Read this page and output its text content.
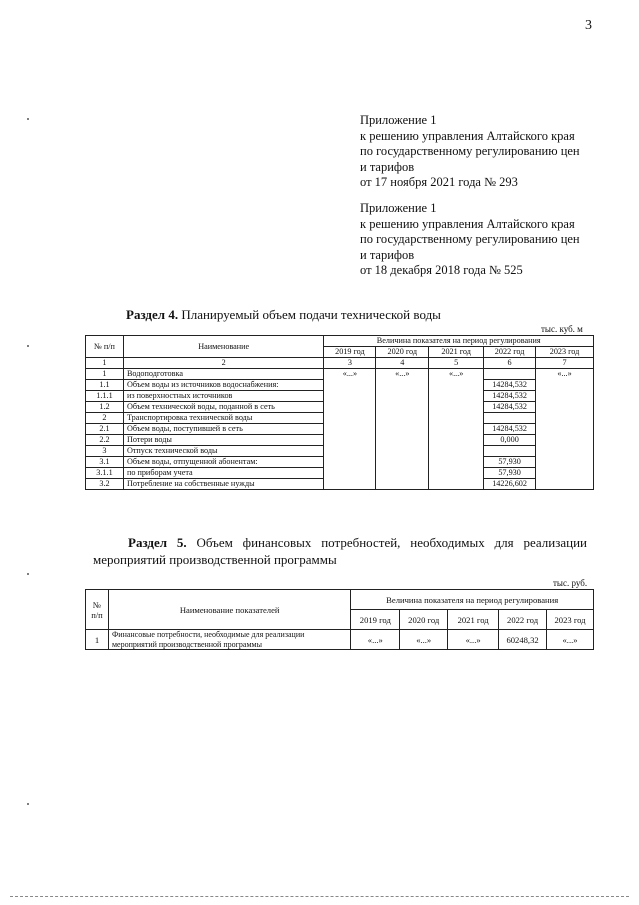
3
Приложение 1
к решению управления Алтайского края
по государственному регулированию цен
и тарифов
от 17 ноября 2021 года № 293
Приложение 1
к решению управления Алтайского края
по государственному регулированию цен
и тарифов
от 18 декабря 2018 года № 525
Раздел 4. Планируемый объем подачи технической воды
тыс. куб. м
№ п/п	Наименование	Величина показателя на период регулирования				
		2019 год	2020 год	2021 год	2022 год	2023 год
1	2	3	4	5	6	7
1	Водоподготовка	«...»	«...»	«...»		«...»
1.1	Объем воды из источников водоснабжения:				14284,532	
1.1.1	из поверхностных источников				14284,532	
1.2	Объем технической воды, поданной в сеть				14284,532	
2	Транспортировка технической воды					
2.1	Объем воды, поступившей в сеть				14284,532	
2.2	Потери воды				0,000	
3	Отпуск технической воды					
3.1	Объем воды, отпущенной абонентам:				57,930	
3.1.1	по приборам учета				57,930	
3.2	Потребление на собственные нужды				14226,602	
Раздел 5. Объем финансовых потребностей, необходимых для реализации мероприятий производственной программы
тыс. руб.
№ п/п	Наименование показателей	Величина показателя на период регулирования				
		2019 год	2020 год	2021 год	2022 год	2023 год
1	Финансовые потребности, необходимые для реализации мероприятий производственной программы	«...»	«...»	«...»	60248,32	«...»
